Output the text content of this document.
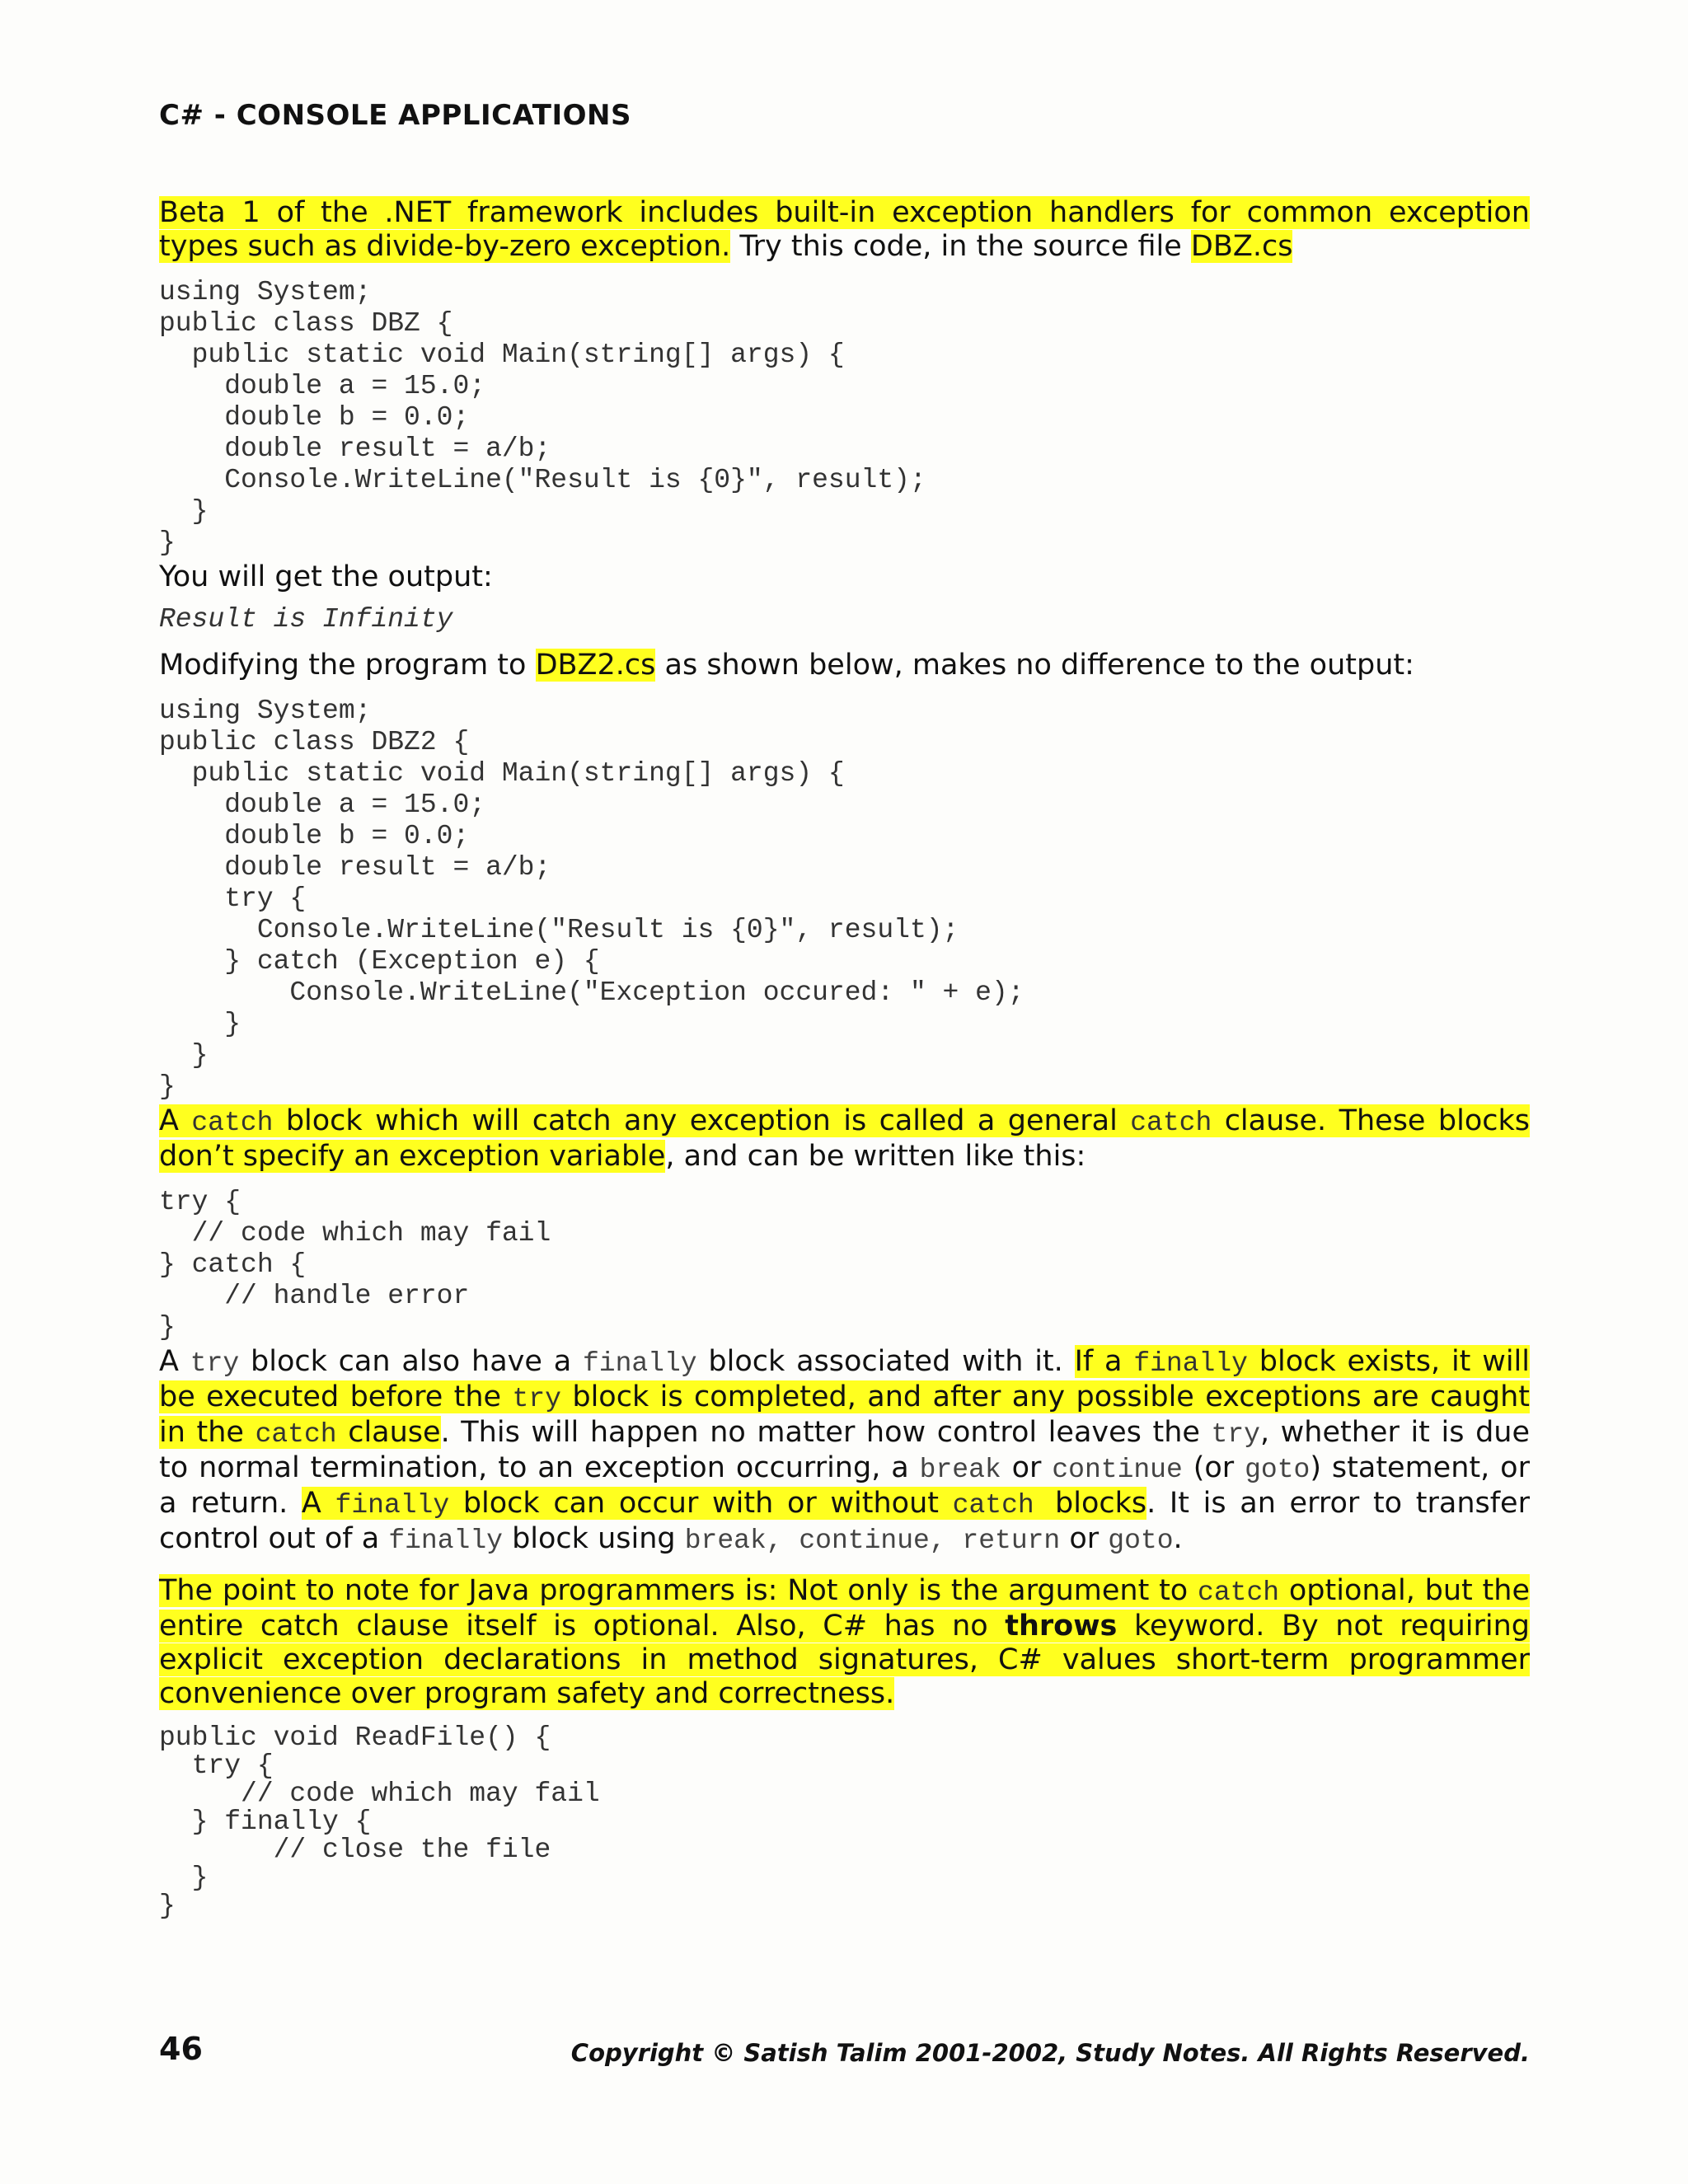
C# - CONSOLE APPLICATIONS

Beta 1 of the .NET framework includes built-in exception handlers for common exception types such as divide-by-zero exception. Try this code, in the source file DBZ.cs

using System;
public class DBZ {
public static void Main(string[] args) {
double a = 15.0;
double b = 0.0;
double result = a/b;
Console.WriteLine("Result is {0}", result);
}
}

You will get the output:

Result is Infinity

Modifying the program to DBZ2.cs as shown below, makes no difference to the output:

using System;
public class DBZ2 {
public static void Main(string[] args) {
double a = 15.0;
double b = 0.0;
double result = a/b;
try {
Console.WriteLine("Result is {0}", result);
} catch (Exception e) {
Console.WriteLine("Exception occured: " + e);
}
}
}

A catch block which will catch any exception is called a general catch clause. These blocks don’t specify an exception variable, and can be written like this:

try {
// code which may fail
} catch {
// handle error
}

A try block can also have a finally block associated with it. If a finally block exists, it will be executed before the try block is completed, and after any possible exceptions are caught in the catch clause. This will happen no matter how control leaves the try, whether it is due to normal termination, to an exception occurring, a break or continue (or goto) statement, or a return. A finally block can occur with or without catch blocks. It is an error to transfer control out of a finally block using break, continue, return or goto.

The point to note for Java programmers is: Not only is the argument to catch optional, but the entire catch clause itself is optional. Also, C# has no throws keyword. By not requiring explicit exception declarations in method signatures, C# values short-term programmer convenience over program safety and correctness.

public void ReadFile() {
try {
// code which may fail
} finally {
// close the file
}
}
46	Copyright © Satish Talim 2001-2002, Study Notes. All Rights Reserved.
